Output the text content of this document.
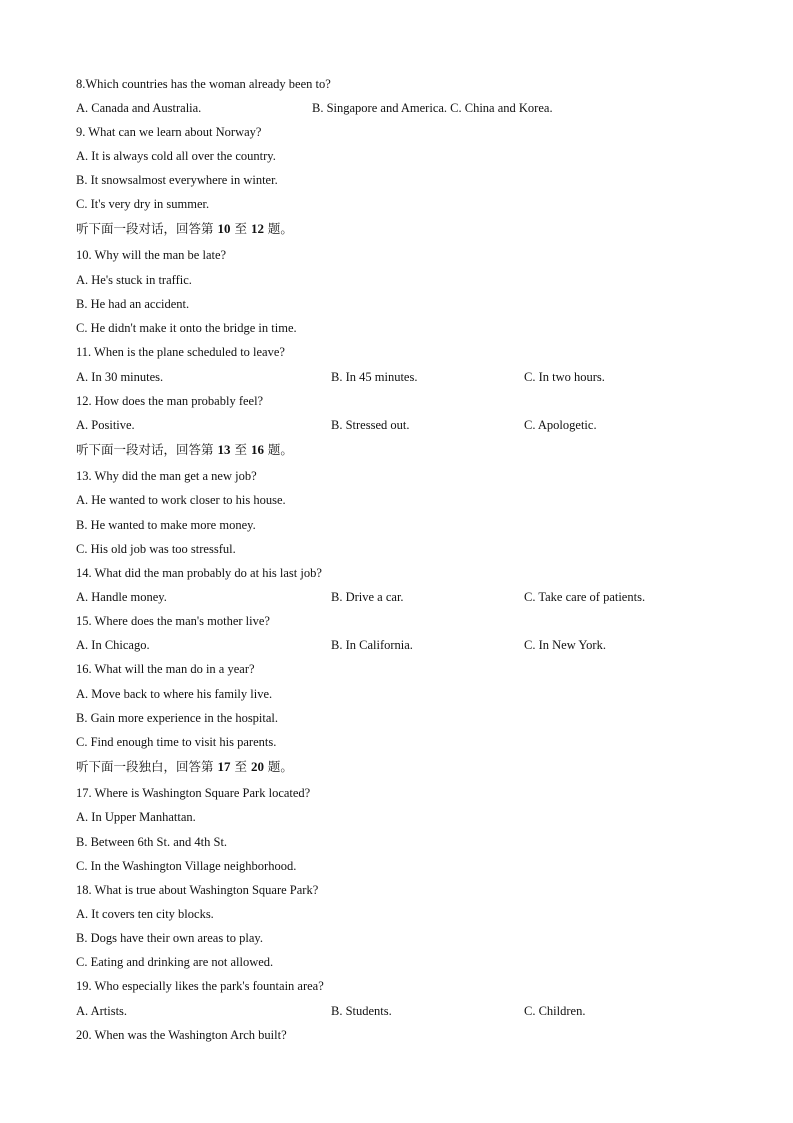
8.Which countries has the woman already been to?
A. Canada and Australia.	B. Singapore and America. C. China and Korea.
9. What can we learn about Norway?
A. It is always cold all over the country.
B. It snowsalmost everywhere in winter.
C. It's very dry in summer.
听下面一段对话，回答第 10 至 12 题。
10. Why will the man be late?
A. He's stuck in traffic.
B. He had an accident.
C. He didn't make it onto the bridge in time.
11. When is the plane scheduled to leave?
A. In 30 minutes.	B. In 45 minutes.	C. In two hours.
12. How does the man probably feel?
A. Positive.	B. Stressed out.	C. Apologetic.
听下面一段对话，回答第 13 至 16 题。
13. Why did the man get a new job?
A. He wanted to work closer to his house.
B. He wanted to make more money.
C. His old job was too stressful.
14. What did the man probably do at his last job?
A. Handle money.	B. Drive a car.	C. Take care of patients.
15. Where does the man's mother live?
A. In Chicago.	B. In California.	C. In New York.
16. What will the man do in a year?
A. Move back to where his family live.
B. Gain more experience in the hospital.
C. Find enough time to visit his parents.
听下面一段独白，回答第 17 至 20 题。
17. Where is Washington Square Park located?
A. In Upper Manhattan.
B. Between 6th St. and 4th St.
C. In the Washington Village neighborhood.
18. What is true about Washington Square Park?
A. It covers ten city blocks.
B. Dogs have their own areas to play.
C. Eating and drinking are not allowed.
19. Who especially likes the park's fountain area?
A. Artists.	B. Students.	C. Children.
20. When was the Washington Arch built?
